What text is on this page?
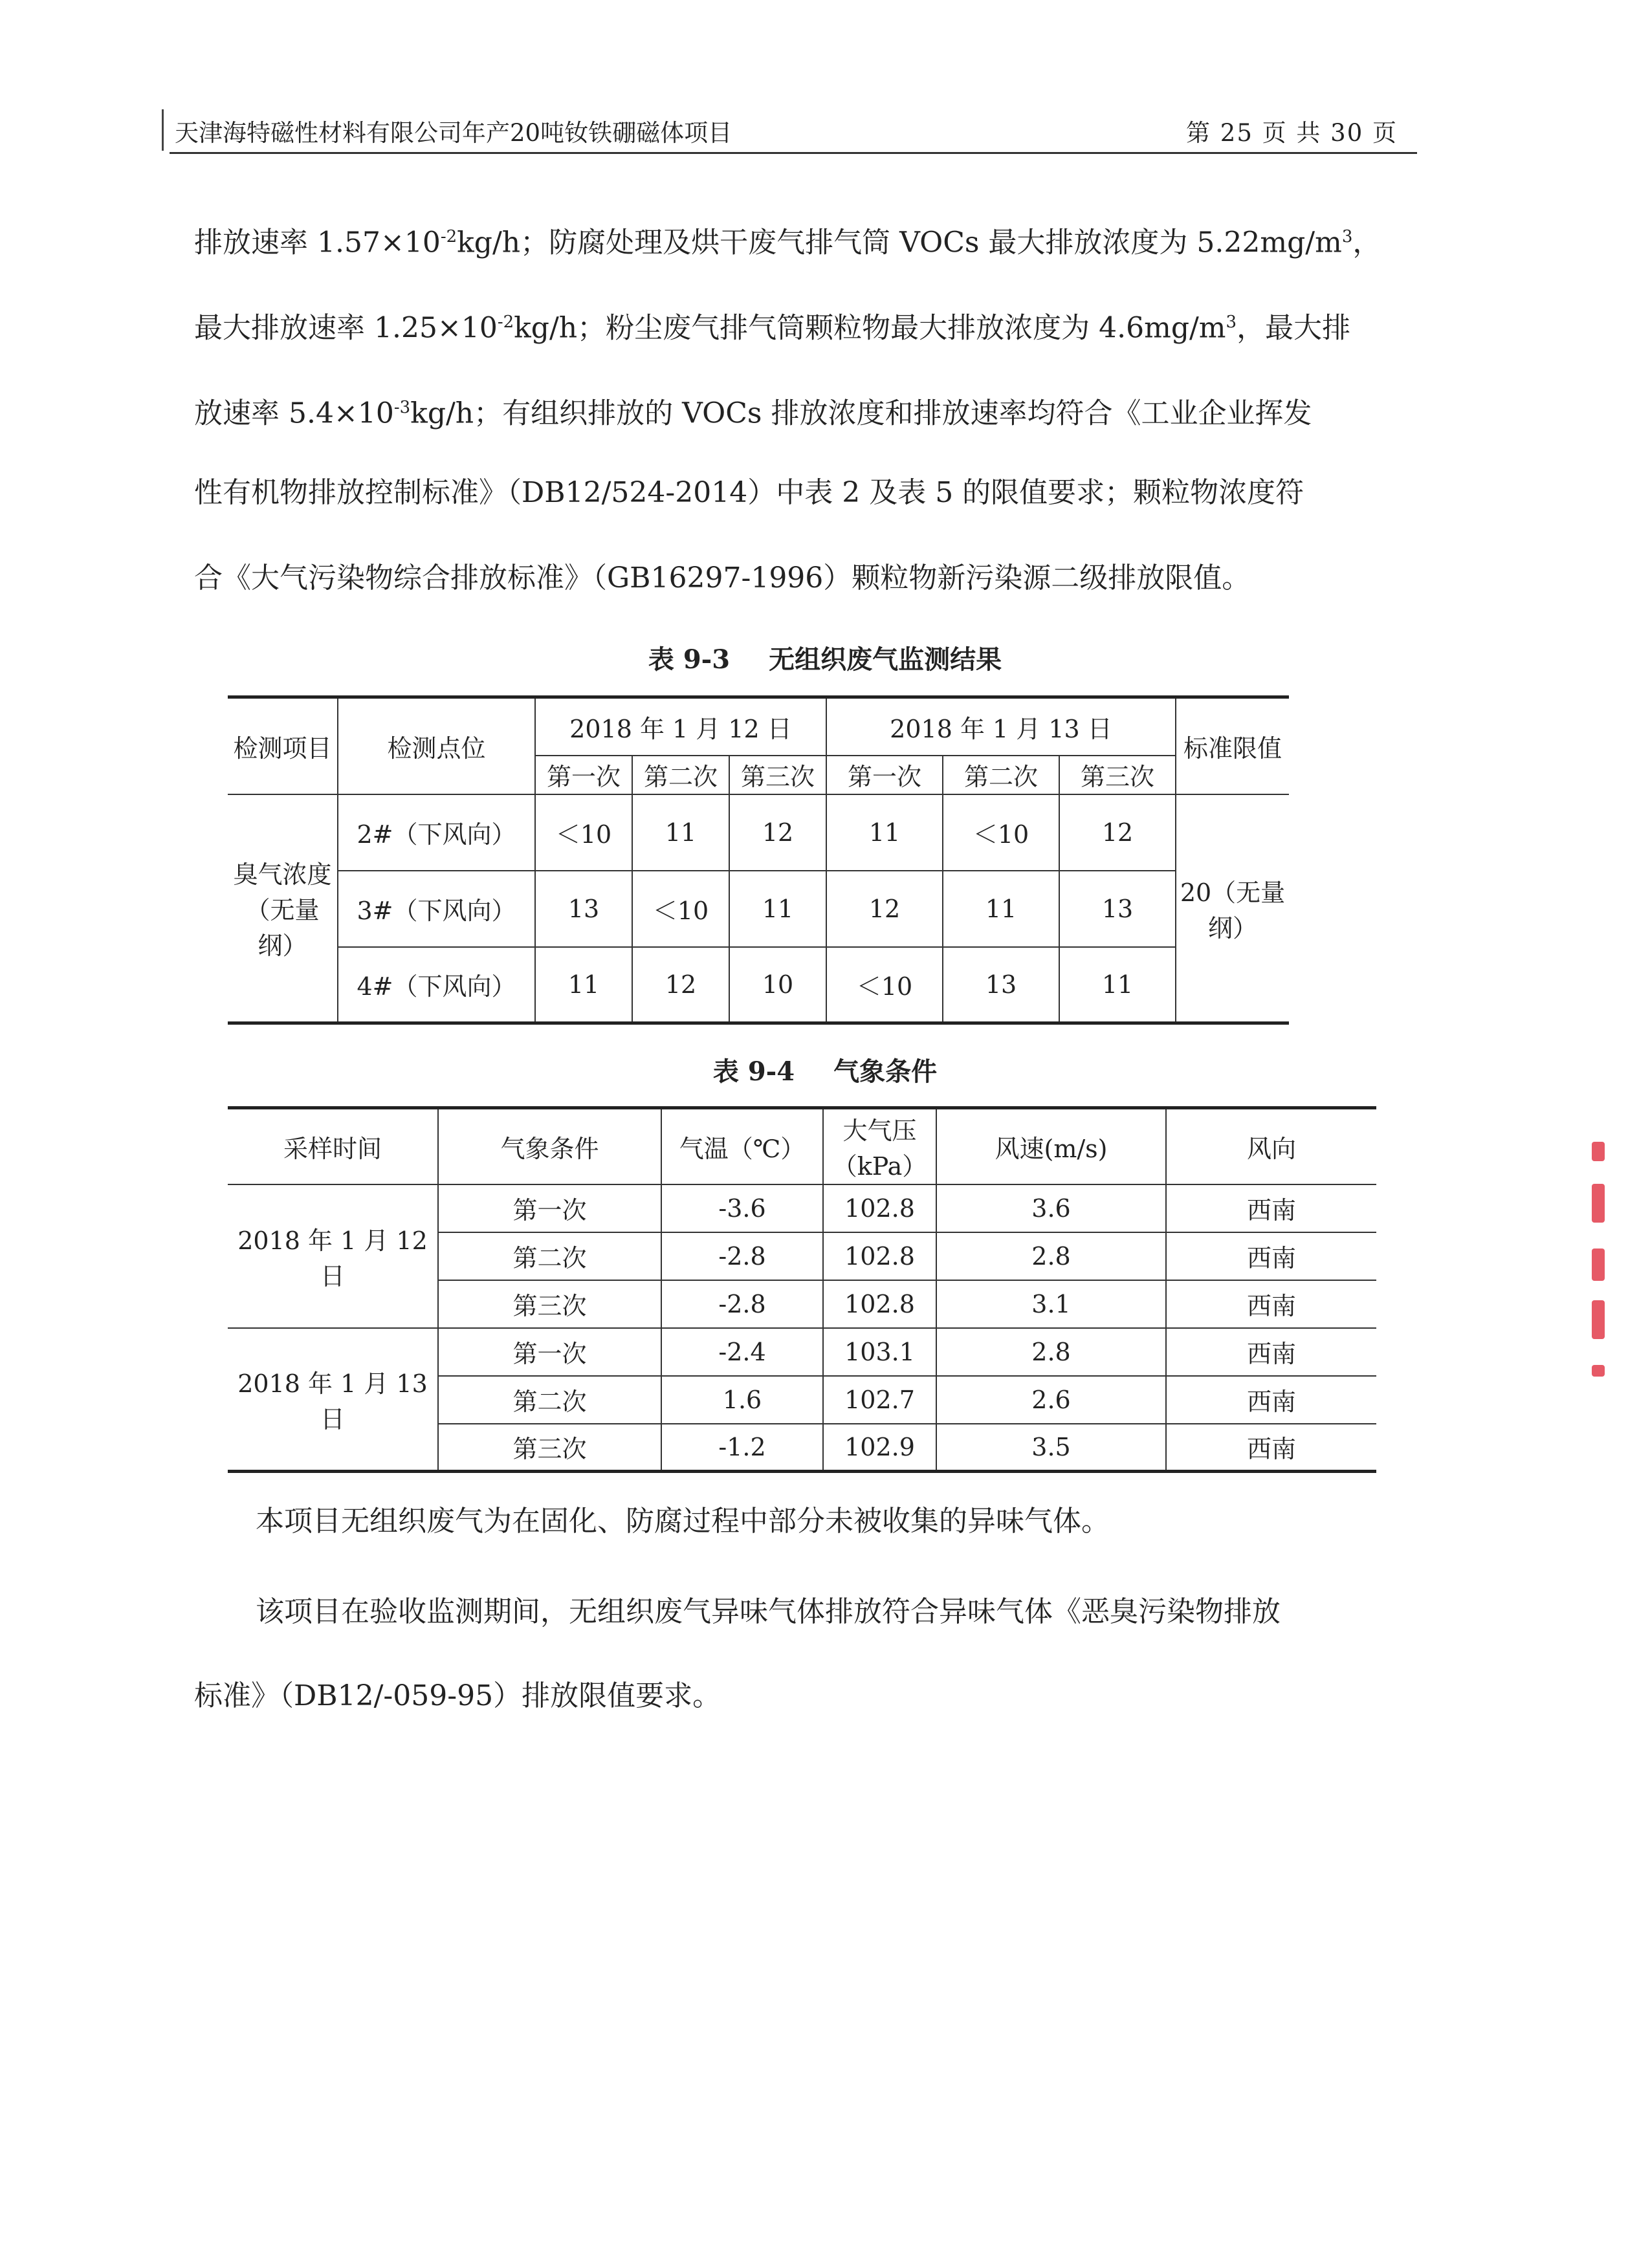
天津海特磁性材料有限公司年产20吨钕铁硼磁体项目	第 25 页 共 30 页
排放速率 $1.57\times 10^{-2}kg/h$；防腐处理及烘干废气排气筒 VOCs 最大排放浓度为 $5.22mg/m^3$，
最大排放速率 $1.25\times 10^{-2}kg/h$；粉尘废气排气筒颗粒物最大排放浓度为 $4.6mg/m^3$，最大排
放速率 $5.4\times 10^{-3}kg/h$；有组织排放的 VOCs 排放浓度和排放速率均符合《工业企业挥发
性有机物排放控制标准》（DB12/524-2014）中表 2 及表 5 的限值要求；颗粒物浓度符
合《大气污染物综合排放标准》（GB16297-1996）颗粒物新污染源二级排放限值。
表 9-3 无组织废气监测结果
检测项目	检测点位	2018 年 1 月 12 日			2018 年 1 月 13 日			标准限值
		第一次	第二次	第三次	第一次	第二次	第三次	
臭气浓度（无量纲）	2#（下风向）	＜10	11	12	11	＜10	12	20（无量纲）
	3#（下风向）	13	＜10	11	12	11	13	
	4#（下风向）	11	12	10	＜10	13	11	
表 9-4 气象条件
采样时间	气象条件	气温（℃）	大气压（kPa）	风速(m/s)	风向
2018 年 1 月 12 日	第一次	-3.6	102.8	3.6	西南
	第二次	-2.8	102.8	2.8	西南
	第三次	-2.8	102.8	3.1	西南
2018 年 1 月 13 日	第一次	-2.4	103.1	2.8	西南
	第二次	1.6	102.7	2.6	西南
	第三次	-1.2	102.9	3.5	西南
本项目无组织废气为在固化、防腐过程中部分未被收集的异味气体。
该项目在验收监测期间，无组织废气异味气体排放符合异味气体《恶臭污染物排放
标准》（DB12/-059-95）排放限值要求。
